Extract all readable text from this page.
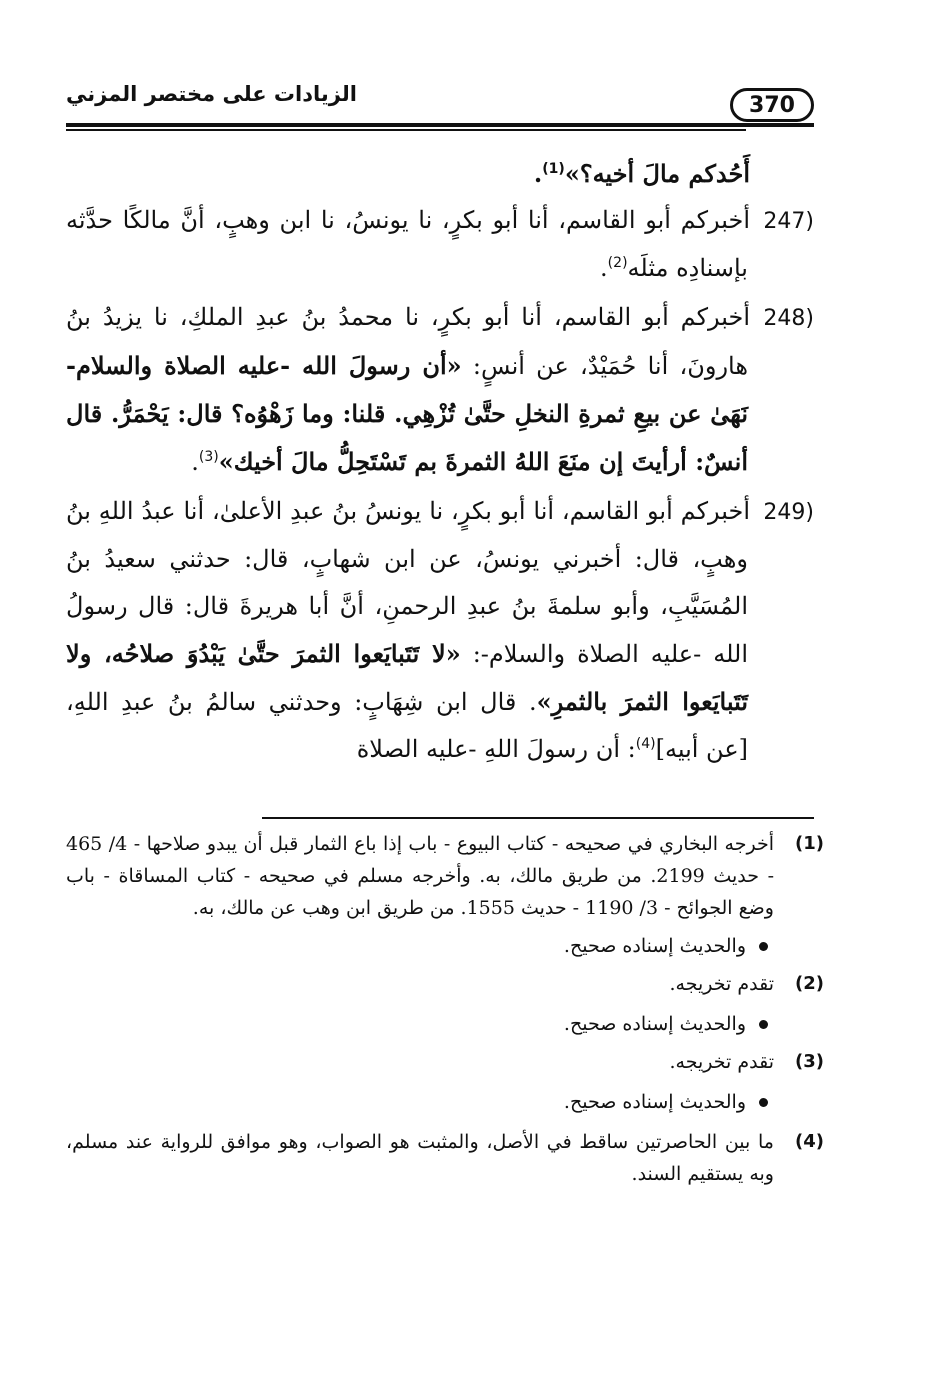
370
الزيادات على مختصر المزني

أَحُدكم مالَ أخيه؟»$^{(1)}$.

(247أخبركم أبو القاسم، أنا أبو بكرٍ، نا يونسُ، نا ابن وهبٍ، أنَّ مالكًا حدَّثه بإسنادِه مثلَه$^{(2)}$.

(248أخبركم أبو القاسم، أنا أبو بكرٍ، نا محمدُ بنُ عبدِ الملكِ، نا يزيدُ بنُ هارونَ، أنا حُمَيْدٌ، عن أنسٍ: «أن رسولَ الله -عليه الصلاة والسلام- نَهَىٰ عن بيعِ ثمرةِ النخلِ حتَّىٰ تُزْهِي. قلنا: وما زَهْوُه؟ قال: يَحْمَرُّ. قال أنسٌ: أرأيتَ إن منَعَ اللهُ الثمرةَ بم تَسْتَحِلُّ مالَ أخيك»$^{(3)}$.

(249أخبركم أبو القاسم، أنا أبو بكرٍ، نا يونسُ بنُ عبدِ الأعلىٰ، أنا عبدُ اللهِ بنُ وهبٍ، قال: أخبرني يونسُ، عن ابن شهابٍ، قال: حدثني سعيدُ بنُ المُسَيَّبِ، وأبو سلمةَ بنُ عبدِ الرحمنِ، أنَّ أبا هريرةَ قال: قال رسولُ الله -عليه الصلاة والسلام-: «لا تَتَبايَعوا الثمرَ حتَّىٰ يَبْدُوَ صلاحُه، ولا تَتَبايَعوا الثمرَ بالثمرِ». قال ابن شِهَابٍ: وحدثني سالمُ بنُ عبدِ اللهِ، [عن أبيه]$^{(4)}$: أن رسولَ اللهِ -عليه الصلاة

(1)
أخرجه البخاري في صحيحه - كتاب البيوع - باب إذا باع الثمار قبل أن يبدو صلاحها - 4/ 465 - حديث 2199. من طريق مالك، به. وأخرجه مسلم في صحيحه - كتاب المساقاة - باب وضع الجوائح - 3/ 1190 - حديث 1555. من طريق ابن وهب عن مالك، به.
والحديث إسناده صحيح.
(2)
تقدم تخريجه.
والحديث إسناده صحيح.
(3)
تقدم تخريجه.
والحديث إسناده صحيح.
(4)
ما بين الحاصرتين ساقط في الأصل، والمثبت هو الصواب، وهو موافق للرواية عند مسلم، وبه يستقيم السند.
